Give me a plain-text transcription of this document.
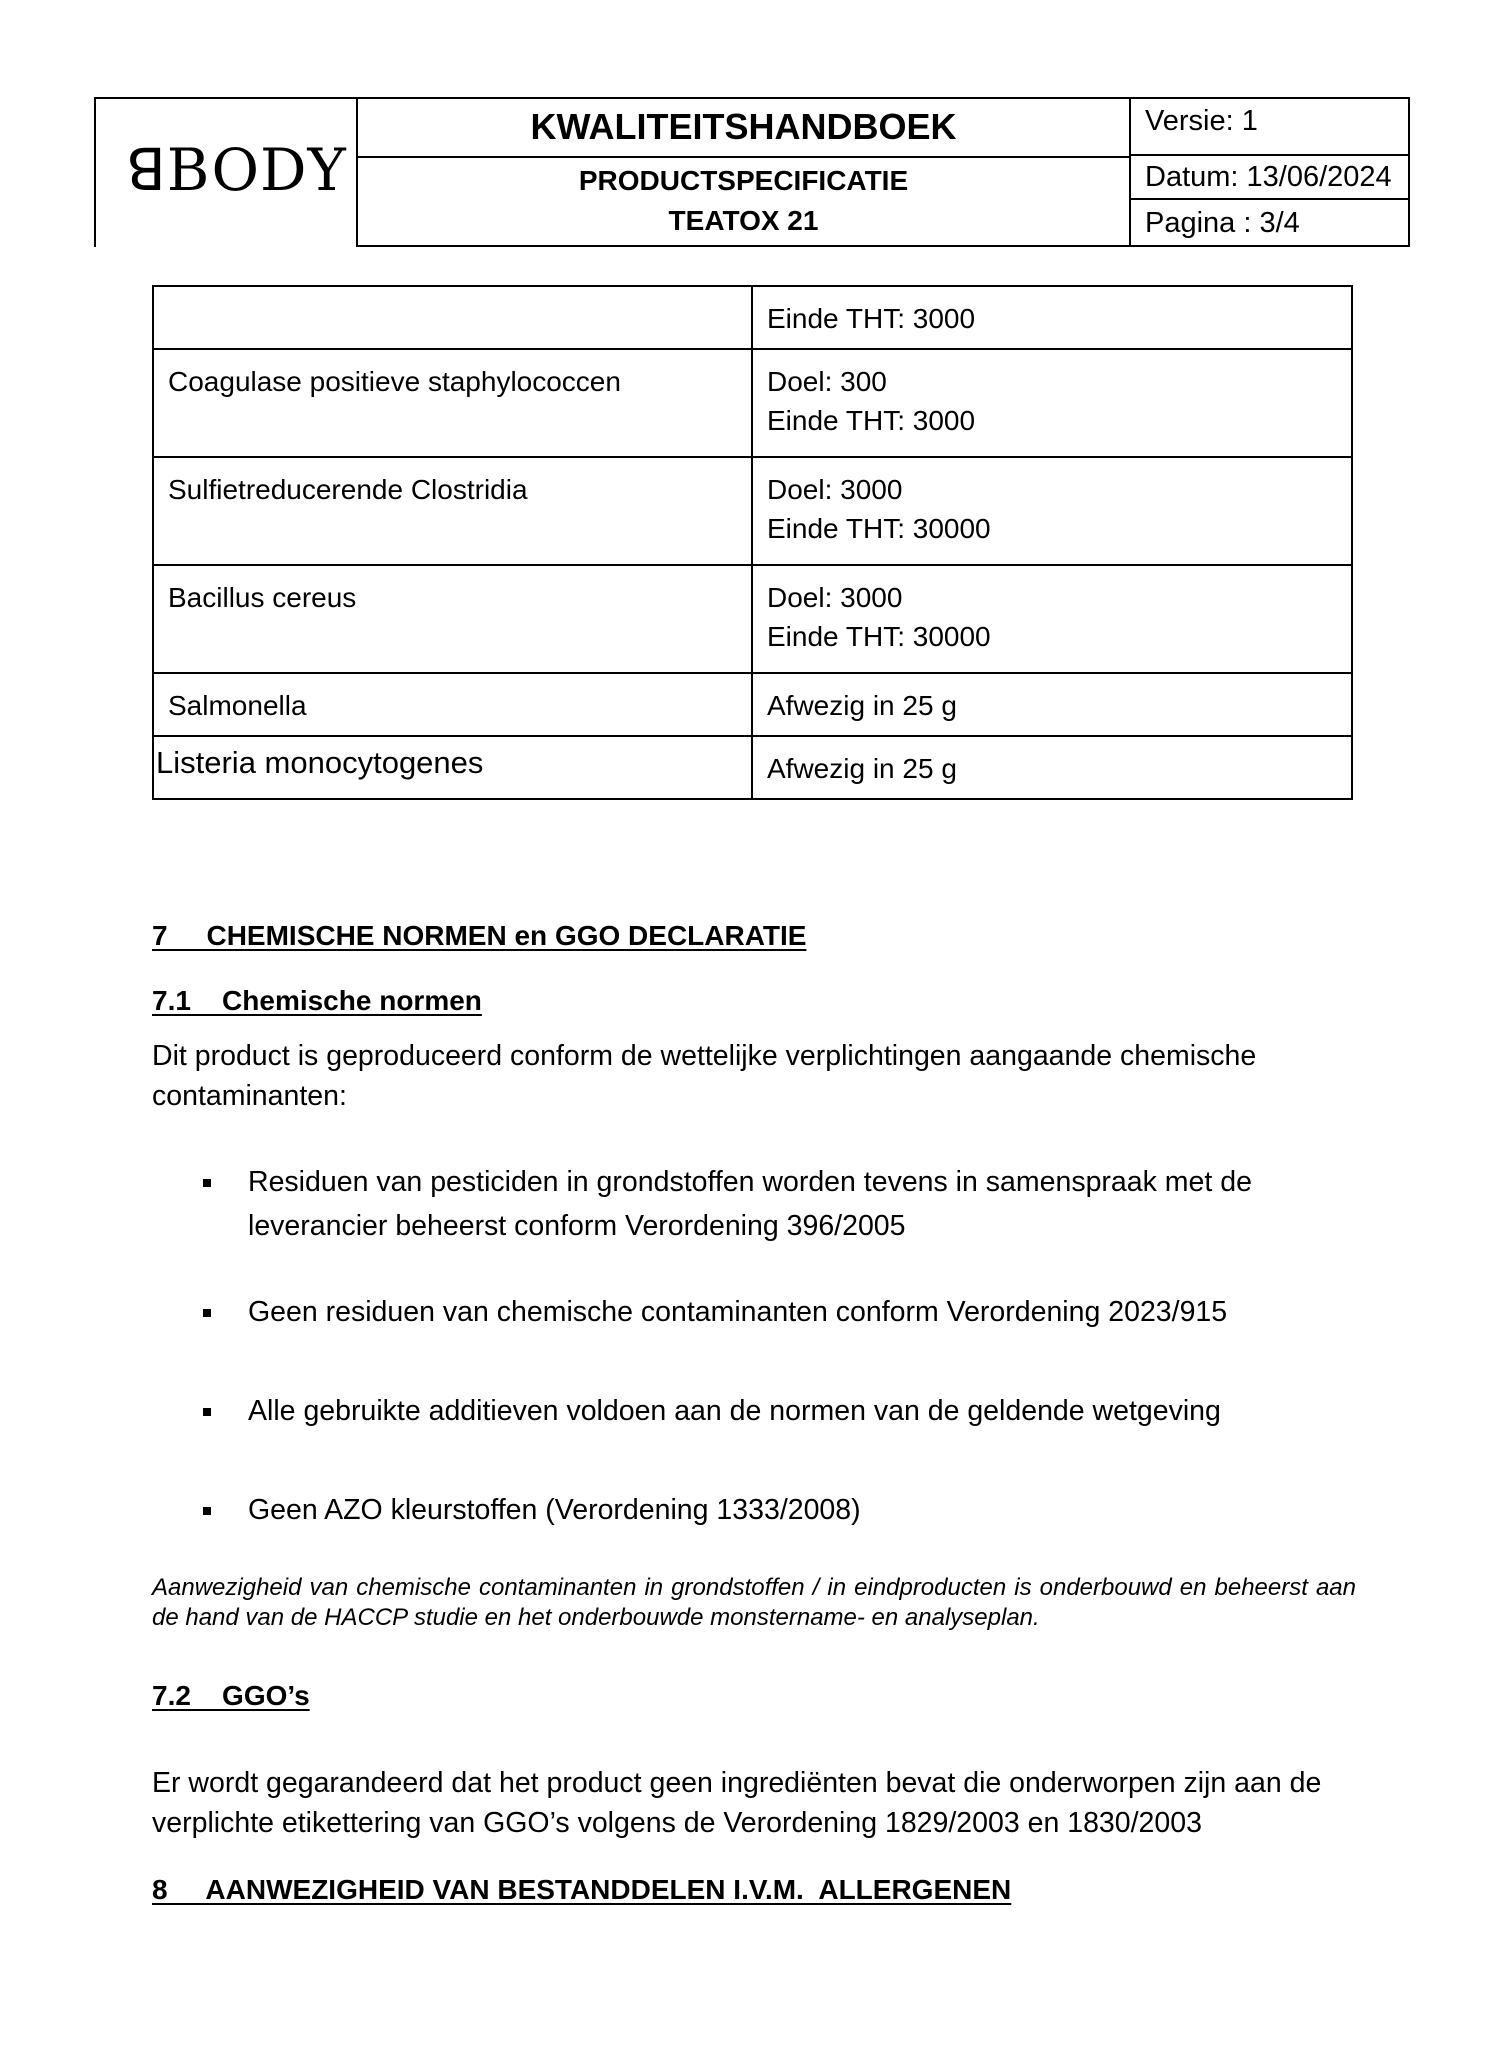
ꓭBODY
KWALITEITSHANDBOEK
PRODUCTSPECIFICATIE
TEATOX 21
Versie: 1
Datum: 13/06/2024
Pagina : 3/4

	Einde THT: 3000

Coagulase positieve staphylococcen	Doel: 300
Einde THT: 3000

Sulfietreducerende Clostridia	Doel: 3000
Einde THT: 30000

Bacillus cereus	Doel: 3000
Einde THT: 30000

Salmonella	Afwezig in 25 g

Listeria monocytogenes	Afwezig in 25 g
7     CHEMISCHE NORMEN en GGO DECLARATIE
7.1    Chemische normen
Dit product is geproduceerd conform de wettelijke verplichtingen aangaande chemische contaminanten:
Residuen van pesticiden in grondstoffen worden tevens in samenspraak met de leverancier beheerst conform Verordening 396/2005
Geen residuen van chemische contaminanten conform Verordening 2023/915
Alle gebruikte additieven voldoen aan de normen van de geldende wetgeving
Geen AZO kleurstoffen (Verordening 1333/2008)
Aanwezigheid van chemische contaminanten in grondstoffen / in eindproducten is onderbouwd en beheerst aan de hand van de HACCP studie en het onderbouwde monstername- en analyseplan.
7.2    GGO’s
Er wordt gegarandeerd dat het product geen ingrediënten bevat die onderworpen zijn aan de verplichte etikettering van GGO’s volgens de Verordening 1829/2003 en 1830/2003
8     AANWEZIGHEID VAN BESTANDDELEN I.V.M.  ALLERGENEN
